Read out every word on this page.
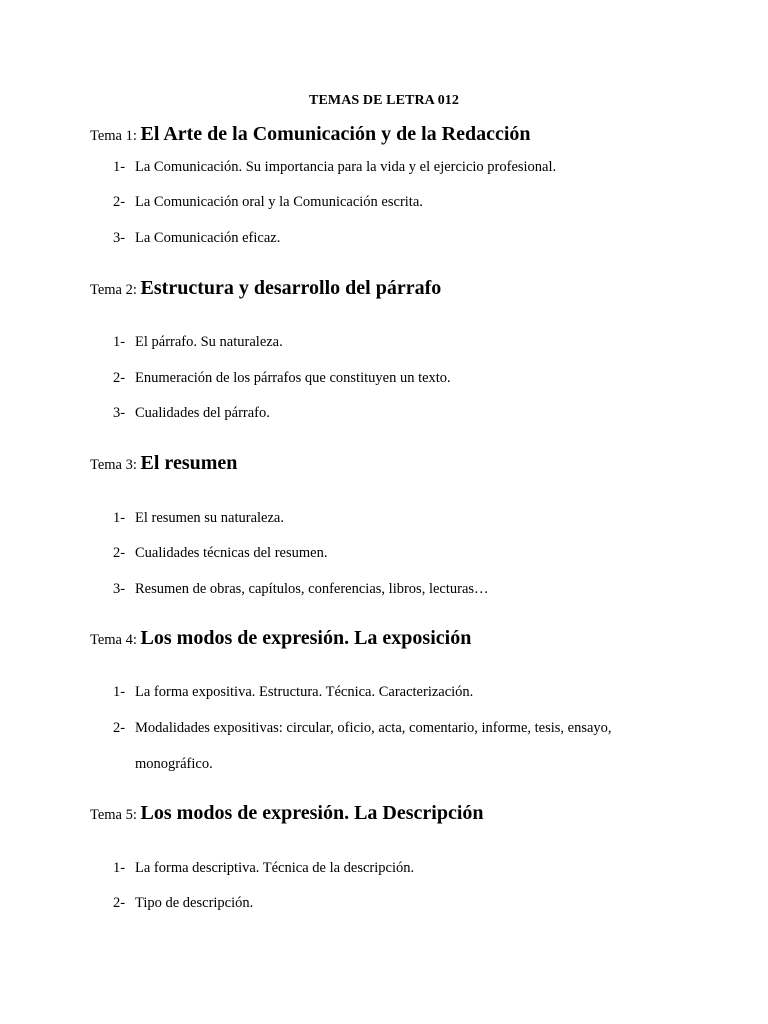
TEMAS DE LETRA 012
Tema 1: El Arte de la Comunicación y de la Redacción
1- La Comunicación. Su importancia para la vida y el ejercicio profesional.
2- La Comunicación oral y la Comunicación escrita.
3- La Comunicación eficaz.
Tema 2: Estructura y desarrollo del párrafo
1- El párrafo. Su naturaleza.
2- Enumeración de los párrafos que constituyen un texto.
3- Cualidades del párrafo.
Tema 3: El resumen
1- El resumen su naturaleza.
2- Cualidades técnicas del resumen.
3- Resumen de obras, capítulos, conferencias, libros, lecturas…
Tema 4: Los modos de expresión. La exposición
1- La forma expositiva. Estructura. Técnica. Caracterización.
2- Modalidades expositivas: circular, oficio, acta, comentario, informe, tesis, ensayo,
monográfico.
Tema 5: Los modos de expresión. La Descripción
1- La forma descriptiva. Técnica de la descripción.
2- Tipo de descripción.
